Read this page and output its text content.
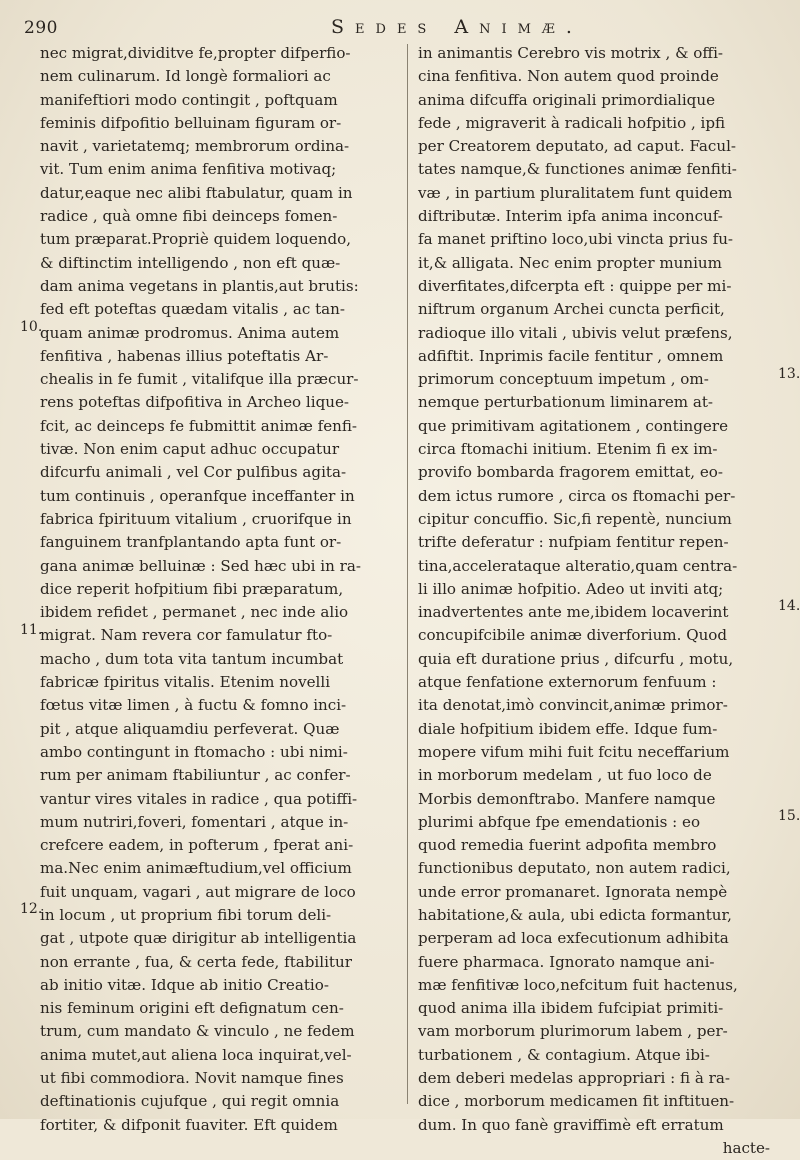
290	Sedes Animæ.
nec migrat,dividitve fe,propter difperfio-
nem culinarum. Id longè formaliori ac
manifeftiori modo contingit , poftquam
feminis difpofitio belluinam figuram or-
navit , varietatemq; membrorum ordina-
vit. Tum enim anima fenfitiva motivaq;
datur,eaque nec alibi ftabulatur, quam in
radice , quà omne fibi deinceps fomen-
tum præparat.Propriè quidem loquendo,
& diftinctim intelligendo , non eft quæ-
dam anima vegetans in plantis,aut brutis:
fed eft poteftas quædam vitalis , ac tan-
quam animæ prodromus. Anima autem
fenfitiva , habenas illius poteftatis Ar-
chealis in fe fumit , vitalifque illa præcur-
rens poteftas difpofitiva in Archeo lique-
fcit, ac deinceps fe fubmittit animæ fenfi-
tivæ. Non enim caput adhuc occupatur
difcurfu animali , vel Cor pulfibus agita-
tum continuis , operanfque inceffanter in
fabrica fpirituum vitalium , cruorifque in
fanguinem tranfplantando apta funt or-
gana animæ belluinæ : Sed hæc ubi in ra-
dice reperit hofpitium fibi præparatum,
ibidem refidet , permanet , nec inde alio
migrat. Nam revera cor famulatur fto-
macho , dum tota vita tantum incumbat
fabricæ fpiritus vitalis. Etenim novelli
fœtus vitæ limen , à fuctu & fomno inci-
pit , atque aliquamdiu perfeverat. Quæ
ambo contingunt in ftomacho : ubi nimi-
rum per animam ftabiliuntur , ac confer-
vantur vires vitales in radice , qua potiffi-
mum nutriri,foveri, fomentari , atque in-
crefcere eadem, in pofterum , fperat ani-
ma.Nec enim animæftudium,vel officium
fuit unquam, vagari , aut migrare de loco
in locum , ut proprium fibi torum deli-
gat , utpote quæ dirigitur ab intelligentia
non errante , fua, & certa fede, ftabilitur
ab initio vitæ. Idque ab initio Creatio-
nis feminum origini eft defignatum cen-
trum, cum mandato & vinculo , ne fedem
anima mutet,aut aliena loca inquirat,vel-
ut fibi commodiora. Novit namque fines
deftinationis cujufque , qui regit omnia
fortiter, & difponit fuaviter. Eft quidem
in animantis Cerebro vis motrix , & offi-
cina fenfitiva. Non autem quod proinde
anima difcuffa originali primordialique
fede , migraverit à radicali hofpitio , ipfi
per Creatorem deputato, ad caput. Facul-
tates namque,& functiones animæ fenfiti-
væ , in partium pluralitatem funt quidem
diftributæ. Interim ipfa anima inconcuf-
fa manet priftino loco,ubi vincta prius fu-
it,& alligata. Nec enim propter munium
diverfitates,difcerpta eft : quippe per mi-
niftrum organum Archei cuncta perficit,
radioque illo vitali , ubivis velut præfens,
adfiftit. Inprimis facile fentitur , omnem
primorum conceptuum impetum , om-
nemque perturbationum liminarem at-
que primitivam agitationem , contingere
circa ftomachi initium. Etenim fi ex im-
provifo bombarda fragorem emittat, eo-
dem ictus rumore , circa os ftomachi per-
cipitur concuffio. Sic,fi repentè, nuncium
trifte deferatur : nufpiam fentitur repen-
tina,accelerataque alteratio,quam centra-
li illo animæ hofpitio. Adeo ut inviti atq;
inadvertentes ante me,ibidem locaverint
concupifcibile animæ diverforium. Quod
quia eft duratione prius , difcurfu , motu,
atque fenfatione externorum fenfuum :
ita denotat,imò convincit,animæ primor-
diale hofpitium ibidem effe. Idque fum-
mopere vifum mihi fuit fcitu neceffarium
in morborum medelam , ut fuo loco de
Morbis demonftrabo. Manfere namque
plurimi abfque fpe emendationis : eo
quod remedia fuerint adpofita membro
functionibus deputato, non autem radici,
unde error promanaret. Ignorata nempè
habitatione,& aula, ubi edicta formantur,
perperam ad loca exfecutionum adhibita
fuere pharmaca. Ignorato namque ani-
mæ fenfitivæ loco,nefcitum fuit hactenus,
quod anima illa ibidem fufcipiat primiti-
vam morborum plurimorum labem , per-
turbationem , & contagium. Atque ibi-
dem deberi medelas appropriari : fi à ra-
dice , morborum medicamen fit inftituen-
dum. In quo fanè graviffimè eft erratum
hacte-
10.
11.
12.
13.
14.
15.
